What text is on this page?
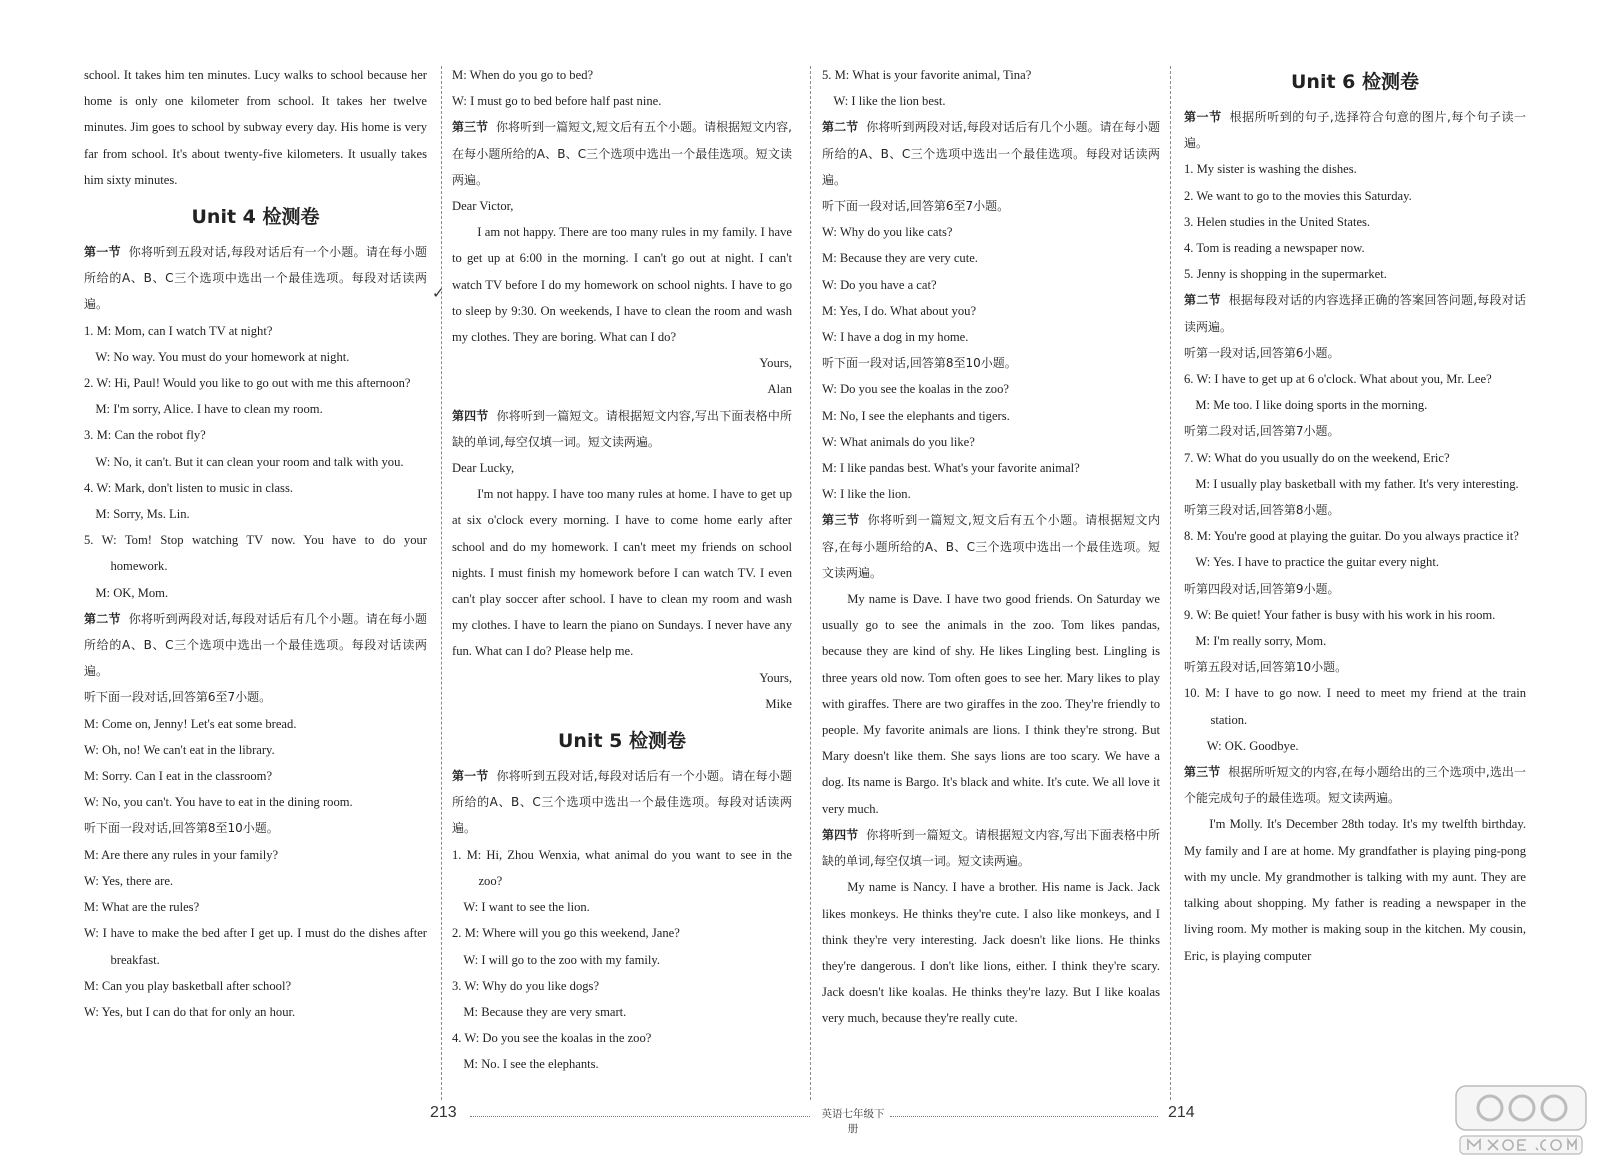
school. It takes him ten minutes. Lucy walks to school because her home is only one kilometer from school. It takes her twelve minutes. Jim goes to school by subway every day. His home is very far from school. It's about twenty-five kilometers. It usually takes him sixty minutes.

Unit 4 检测卷

第一节 你将听到五段对话,每段对话后有一个小题。请在每小题所给的A、B、C三个选项中选出一个最佳选项。每段对话读两遍。

1. M: Mom, can I watch TV at night?

W: No way. You must do your homework at night.

2. W: Hi, Paul! Would you like to go out with me this afternoon?

M: I'm sorry, Alice. I have to clean my room.

3. M: Can the robot fly?

W: No, it can't. But it can clean your room and talk with you.

4. W: Mark, don't listen to music in class.

M: Sorry, Ms. Lin.

5. W: Tom! Stop watching TV now. You have to do your homework.

M: OK, Mom.

第二节 你将听到两段对话,每段对话后有几个小题。请在每小题所给的A、B、C三个选项中选出一个最佳选项。每段对话读两遍。

听下面一段对话,回答第6至7小题。

M: Come on, Jenny! Let's eat some bread.

W: Oh, no! We can't eat in the library.

M: Sorry. Can I eat in the classroom?

W: No, you can't. You have to eat in the dining room.

听下面一段对话,回答第8至10小题。

M: Are there any rules in your family?

W: Yes, there are.

M: What are the rules?

W: I have to make the bed after I get up. I must do the dishes after breakfast.

M: Can you play basketball after school?

W: Yes, but I can do that for only an hour.

M: When do you go to bed?

W: I must go to bed before half past nine.

第三节 你将听到一篇短文,短文后有五个小题。请根据短文内容,在每小题所给的A、B、C三个选项中选出一个最佳选项。短文读两遍。

Dear Victor,

I am not happy. There are too many rules in my family. I have to get up at 6:00 in the morning. I can't go out at night. I can't watch TV before I do my homework on school nights. I have to go to sleep by 9:30. On weekends, I have to clean the room and wash my clothes. They are boring. What can I do?

Yours,

Alan

第四节 你将听到一篇短文。请根据短文内容,写出下面表格中所缺的单词,每空仅填一词。短文读两遍。

Dear Lucky,

I'm not happy. I have too many rules at home. I have to get up at six o'clock every morning. I have to come home early after school and do my homework. I can't meet my friends on school nights. I must finish my homework before I can watch TV. I even can't play soccer after school. I have to clean my room and wash my clothes. I have to learn the piano on Sundays. I never have any fun. What can I do? Please help me.

Yours,

Mike

Unit 5 检测卷

第一节 你将听到五段对话,每段对话后有一个小题。请在每小题所给的A、B、C三个选项中选出一个最佳选项。每段对话读两遍。

1. M: Hi, Zhou Wenxia, what animal do you want to see in the zoo?

W: I want to see the lion.

2. M: Where will you go this weekend, Jane?

W: I will go to the zoo with my family.

3. W: Why do you like dogs?

M: Because they are very smart.

4. W: Do you see the koalas in the zoo?

M: No. I see the elephants.

5. M: What is your favorite animal, Tina?

W: I like the lion best.

第二节 你将听到两段对话,每段对话后有几个小题。请在每小题所给的A、B、C三个选项中选出一个最佳选项。每段对话读两遍。

听下面一段对话,回答第6至7小题。

W: Why do you like cats?

M: Because they are very cute.

W: Do you have a cat?

M: Yes, I do. What about you?

W: I have a dog in my home.

听下面一段对话,回答第8至10小题。

W: Do you see the koalas in the zoo?

M: No, I see the elephants and tigers.

W: What animals do you like?

M: I like pandas best. What's your favorite animal?

W: I like the lion.

第三节 你将听到一篇短文,短文后有五个小题。请根据短文内容,在每小题所给的A、B、C三个选项中选出一个最佳选项。短文读两遍。

My name is Dave. I have two good friends. On Saturday we usually go to see the animals in the zoo. Tom likes pandas, because they are kind of shy. He likes Lingling best. Lingling is three years old now. Tom often goes to see her. Mary likes to play with giraffes. There are two giraffes in the zoo. They're friendly to people. My favorite animals are lions. I think they're strong. But Mary doesn't like them. She says lions are too scary. We have a dog. Its name is Bargo. It's black and white. It's cute. We all love it very much.

第四节 你将听到一篇短文。请根据短文内容,写出下面表格中所缺的单词,每空仅填一词。短文读两遍。

My name is Nancy. I have a brother. His name is Jack. Jack likes monkeys. He thinks they're cute. I also like monkeys, and I think they're very interesting. Jack doesn't like lions. He thinks they're dangerous. I don't like lions, either. I think they're scary. Jack doesn't like koalas. He thinks they're lazy. But I like koalas very much, because they're really cute.

Unit 6 检测卷

第一节 根据所听到的句子,选择符合句意的图片,每个句子读一遍。

1. My sister is washing the dishes.

2. We want to go to the movies this Saturday.

3. Helen studies in the United States.

4. Tom is reading a newspaper now.

5. Jenny is shopping in the supermarket.

第二节 根据每段对话的内容选择正确的答案回答问题,每段对话读两遍。

听第一段对话,回答第6小题。

6. W: I have to get up at 6 o'clock. What about you, Mr. Lee?

M: Me too. I like doing sports in the morning.

听第二段对话,回答第7小题。

7. W: What do you usually do on the weekend, Eric?

M: I usually play basketball with my father. It's very interesting.

听第三段对话,回答第8小题。

8. M: You're good at playing the guitar. Do you always practice it?

W: Yes. I have to practice the guitar every night.

听第四段对话,回答第9小题。

9. W: Be quiet! Your father is busy with his work in his room.

M: I'm really sorry, Mom.

听第五段对话,回答第10小题。

10. M: I have to go now. I need to meet my friend at the train station.

W: OK. Goodbye.

第三节 根据所听短文的内容,在每小题给出的三个选项中,选出一个能完成句子的最佳选项。短文读两遍。

I'm Molly. It's December 28th today. It's my twelfth birthday. My family and I are at home. My grandfather is playing ping-pong with my uncle. My grandmother is talking with my aunt. They are talking about shopping. My father is reading a newspaper in the living room. My mother is making soup in the kitchen. My cousin, Eric, is playing computer

✓
213	英语七年级下册
214
